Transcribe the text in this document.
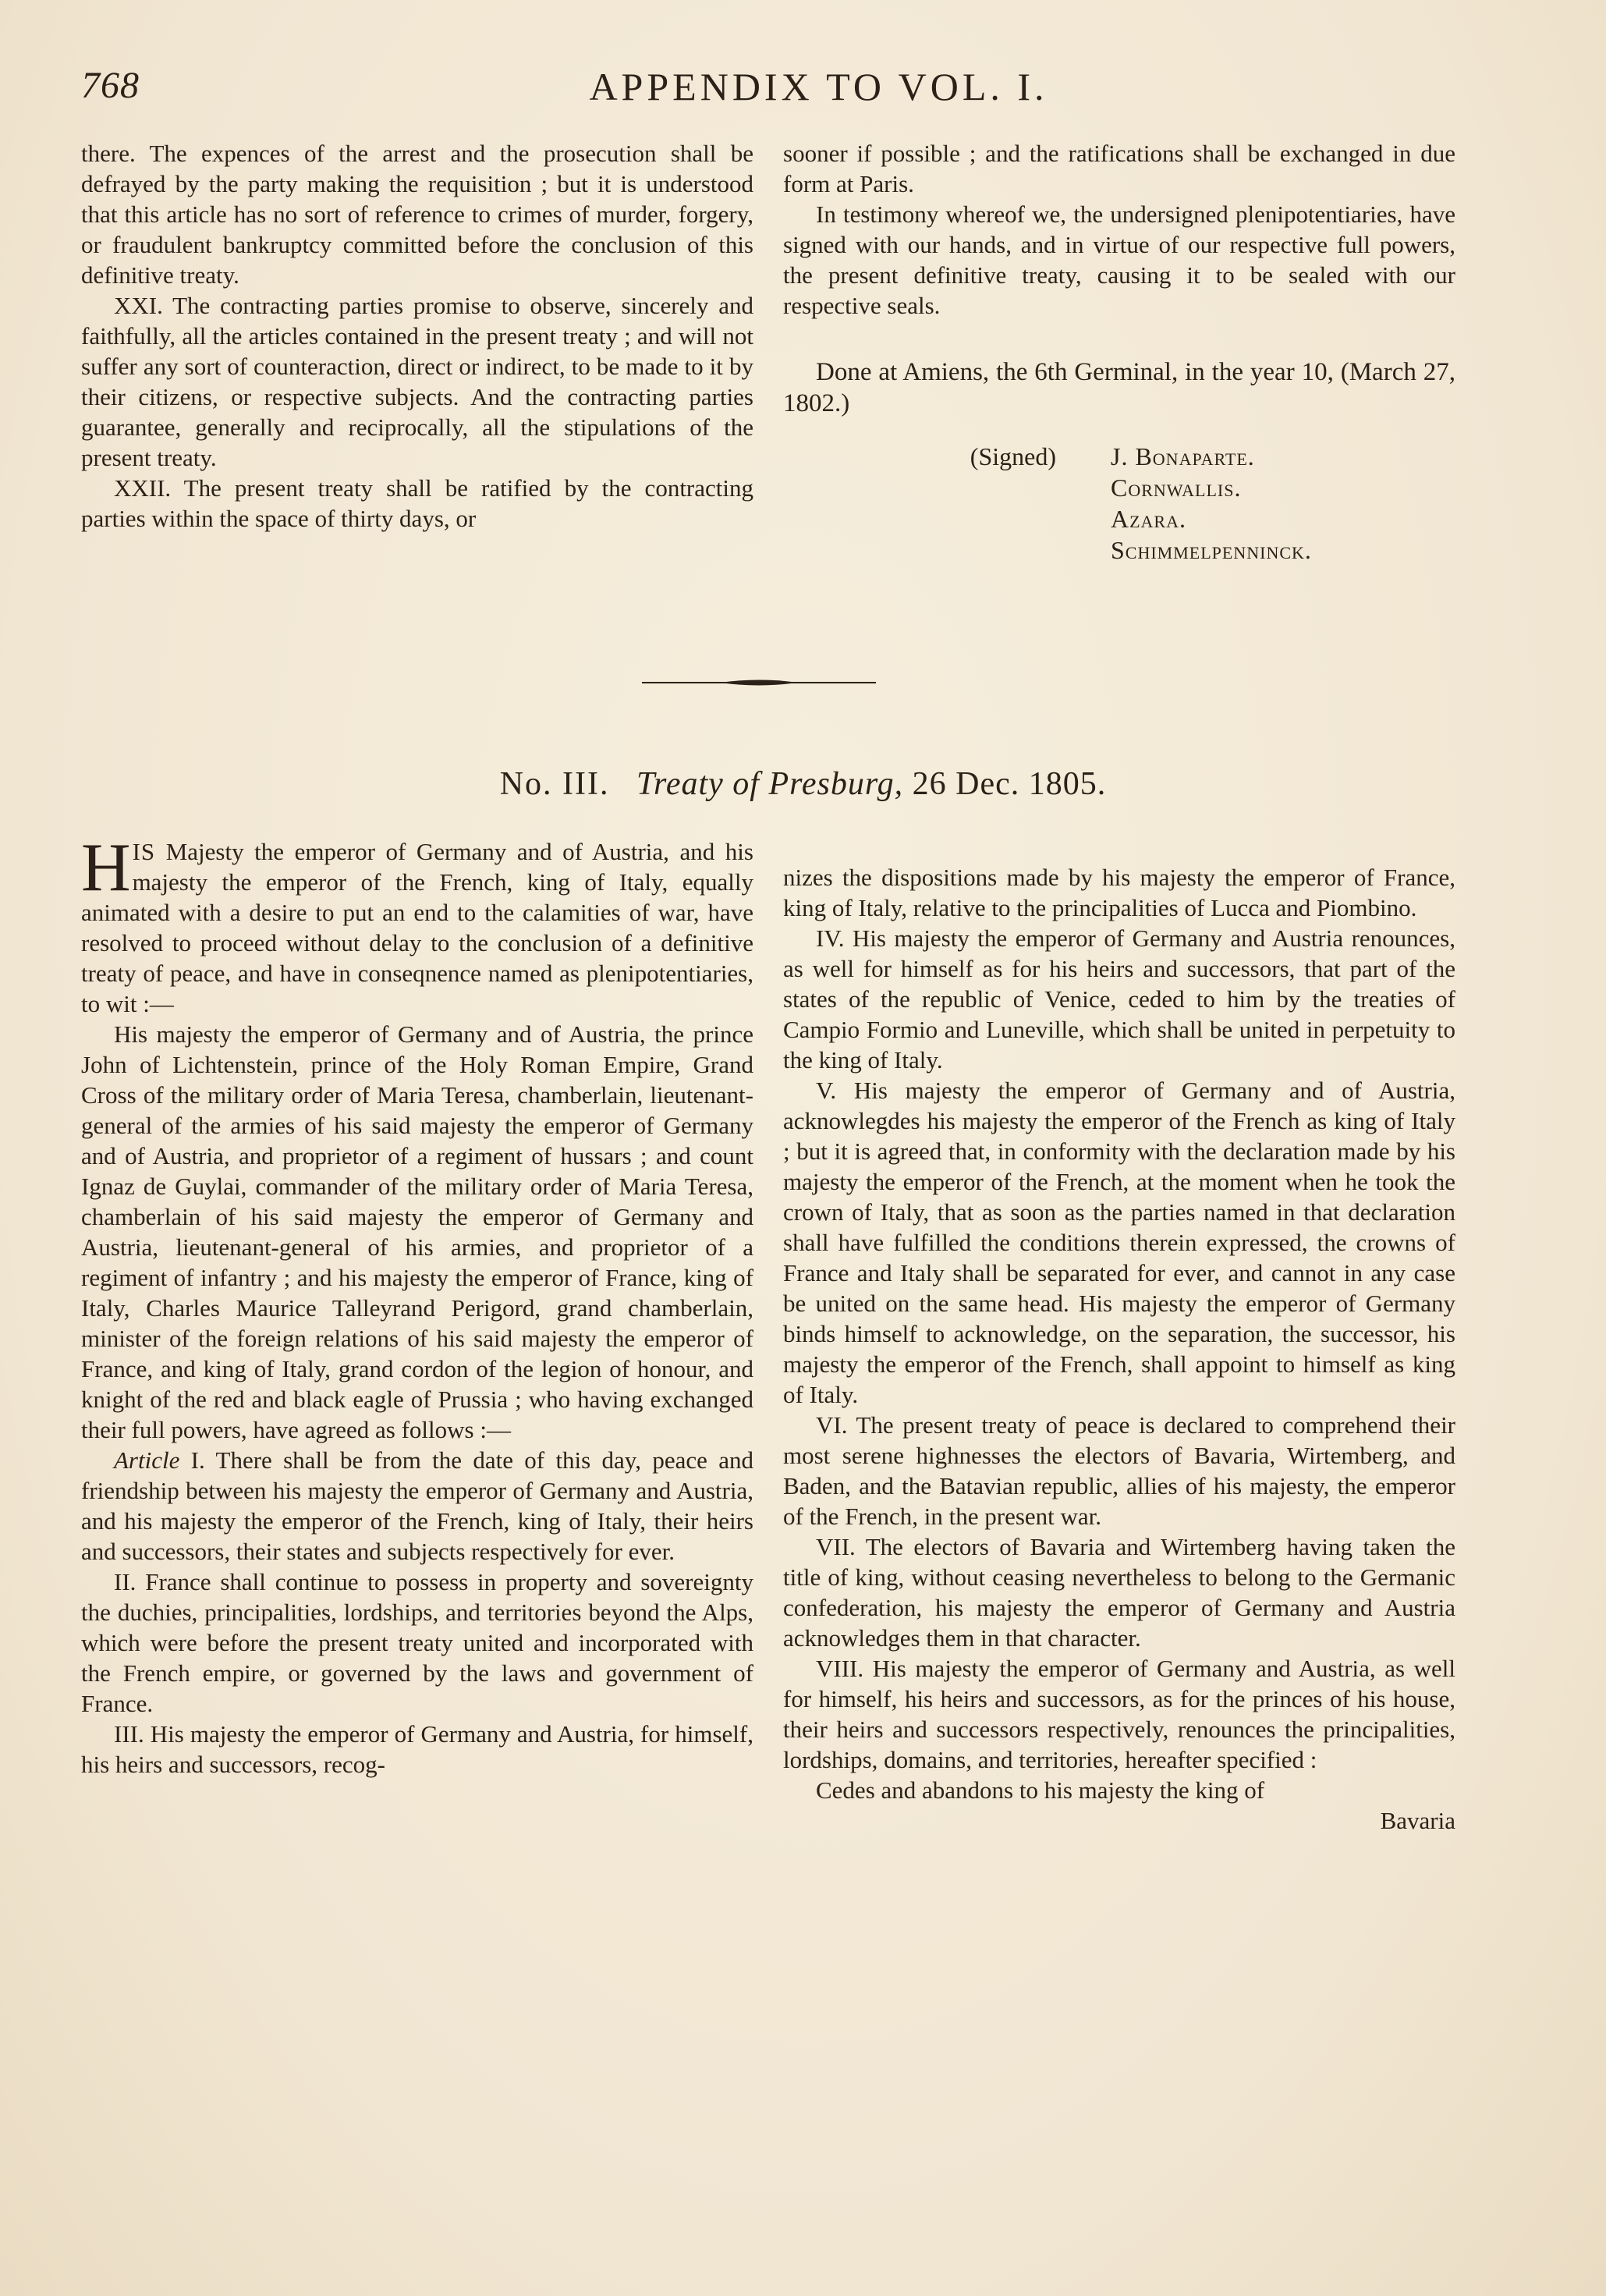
768	APPENDIX TO VOL. I.

there. The expences of the arrest and the prosecution shall be defrayed by the party making the requisition ; but it is understood that this article has no sort of reference to crimes of murder, forgery, or fraudulent bankruptcy committed before the conclusion of this definitive treaty.

XXI. The contracting parties promise to observe, sincerely and faithfully, all the articles contained in the present treaty ; and will not suffer any sort of counteraction, direct or indirect, to be made to it by their citizens, or respective subjects. And the contracting parties guarantee, generally and reciprocally, all the stipulations of the present treaty.

XXII. The present treaty shall be ratified by the contracting parties within the space of thirty days, or

sooner if possible ; and the ratifications shall be exchanged in due form at Paris.

In testimony whereof we, the undersigned plenipotentiaries, have signed with our hands, and in virtue of our respective full powers, the present definitive treaty, causing it to be sealed with our respective seals.

Done at Amiens, the 6th Germinal, in the year 10, (March 27, 1802.)

(Signed)	J. Bonaparte.
Cornwallis.
Azara.
Schimmelpenninck.
No. III. Treaty of Presburg, 26 Dec. 1805.

HIS Majesty the emperor of Germany and of Austria, and his majesty the emperor of the French, king of Italy, equally animated with a desire to put an end to the calamities of war, have resolved to proceed without delay to the conclusion of a definitive treaty of peace, and have in conseqnence named as plenipotentiaries, to wit :—

His majesty the emperor of Germany and of Austria, the prince John of Lichtenstein, prince of the Holy Roman Empire, Grand Cross of the military order of Maria Teresa, chamberlain, lieutenant-general of the armies of his said majesty the emperor of Germany and of Austria, and proprietor of a regiment of hussars ; and count Ignaz de Guylai, commander of the military order of Maria Teresa, chamberlain of his said majesty the emperor of Germany and Austria, lieutenant-general of his armies, and proprietor of a regiment of infantry ; and his majesty the emperor of France, king of Italy, Charles Maurice Talleyrand Perigord, grand chamberlain, minister of the foreign relations of his said majesty the emperor of France, and king of Italy, grand cordon of the legion of honour, and knight of the red and black eagle of Prussia ; who having exchanged their full powers, have agreed as follows :—

Article I. There shall be from the date of this day, peace and friendship between his majesty the emperor of Germany and Austria, and his majesty the emperor of the French, king of Italy, their heirs and successors, their states and subjects respectively for ever.

II. France shall continue to possess in property and sovereignty the duchies, principalities, lordships, and territories beyond the Alps, which were before the present treaty united and incorporated with the French empire, or governed by the laws and government of France.

III. His majesty the emperor of Germany and Austria, for himself, his heirs and successors, recog-

nizes the dispositions made by his majesty the emperor of France, king of Italy, relative to the principalities of Lucca and Piombino.

IV. His majesty the emperor of Germany and Austria renounces, as well for himself as for his heirs and successors, that part of the states of the republic of Venice, ceded to him by the treaties of Campio Formio and Luneville, which shall be united in perpetuity to the king of Italy.

V. His majesty the emperor of Germany and of Austria, acknowlegdes his majesty the emperor of the French as king of Italy ; but it is agreed that, in conformity with the declaration made by his majesty the emperor of the French, at the moment when he took the crown of Italy, that as soon as the parties named in that declaration shall have fulfilled the conditions therein expressed, the crowns of France and Italy shall be separated for ever, and cannot in any case be united on the same head. His majesty the emperor of Germany binds himself to acknowledge, on the separation, the successor, his majesty the emperor of the French, shall appoint to himself as king of Italy.

VI. The present treaty of peace is declared to comprehend their most serene highnesses the electors of Bavaria, Wirtemberg, and Baden, and the Batavian republic, allies of his majesty, the emperor of the French, in the present war.

VII. The electors of Bavaria and Wirtemberg having taken the title of king, without ceasing nevertheless to belong to the Germanic confederation, his majesty the emperor of Germany and Austria acknowledges them in that character.

VIII. His majesty the emperor of Germany and Austria, as well for himself, his heirs and successors, as for the princes of his house, their heirs and successors respectively, renounces the principalities, lordships, domains, and territories, hereafter specified :

Cedes and abandons to his majesty the king of

Bavaria
